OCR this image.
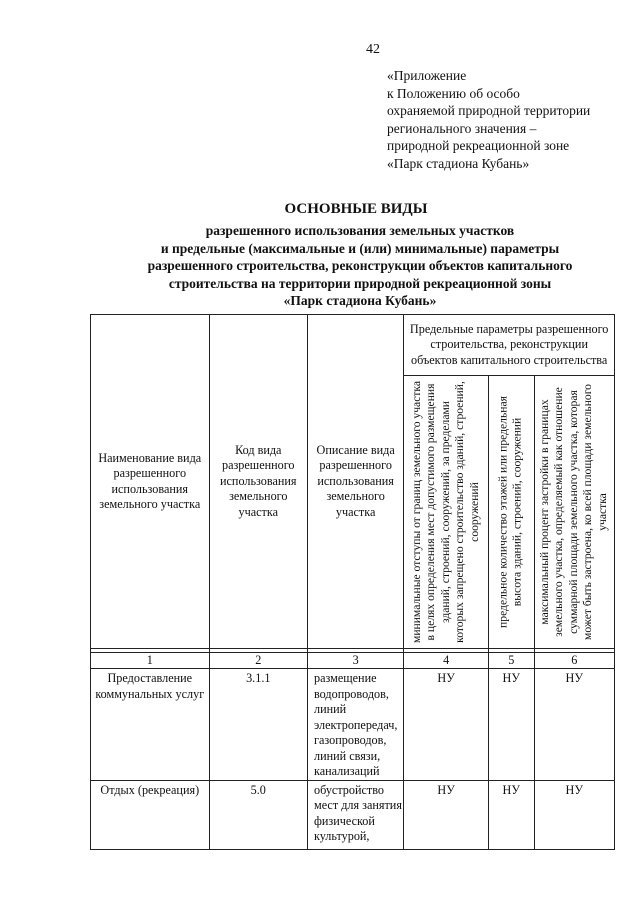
42
«Приложение
к Положению об особо
охраняемой природной территории
регионального значения –
природной рекреационной зоне
«Парк стадиона Кубань»
ОСНОВНЫЕ ВИДЫ
разрешенного использования земельных участков
и предельные (максимальные и (или) минимальные) параметры
разрешенного строительства, реконструкции объектов капитального
строительства на территории природной рекреационной зоны
«Парк стадиона Кубань»
Наименование вида разрешенного использования земельного участка	Код вида разрешенного использования земельного участка	Описание вида разрешенного использования земельного участка	Предельные параметры разрешенного строительства, реконструкции объектов капитального строительства		

			минимальные отступы от границ земельного участка в целях определения мест допустимого размещения зданий, строений, сооружений, за пределами которых запрещено строительство зданий, строений, сооружений	предельное количество этажей или предельная высота зданий, строений, сооружений	максимальный процент застройки в границах земельного участка, определяемый как отношение суммарной площади земельного участка, которая может быть застроена, ко всей площади земельного участка

1	2	3	4	5	6
Предоставление коммунальных услуг	3.1.1	размещение водопроводов, линий электропередач, газопроводов, линий связи, канализаций	НУ	НУ	НУ
Отдых (рекреация)	5.0	обустройство мест для занятия физической культурой,	НУ	НУ	НУ
